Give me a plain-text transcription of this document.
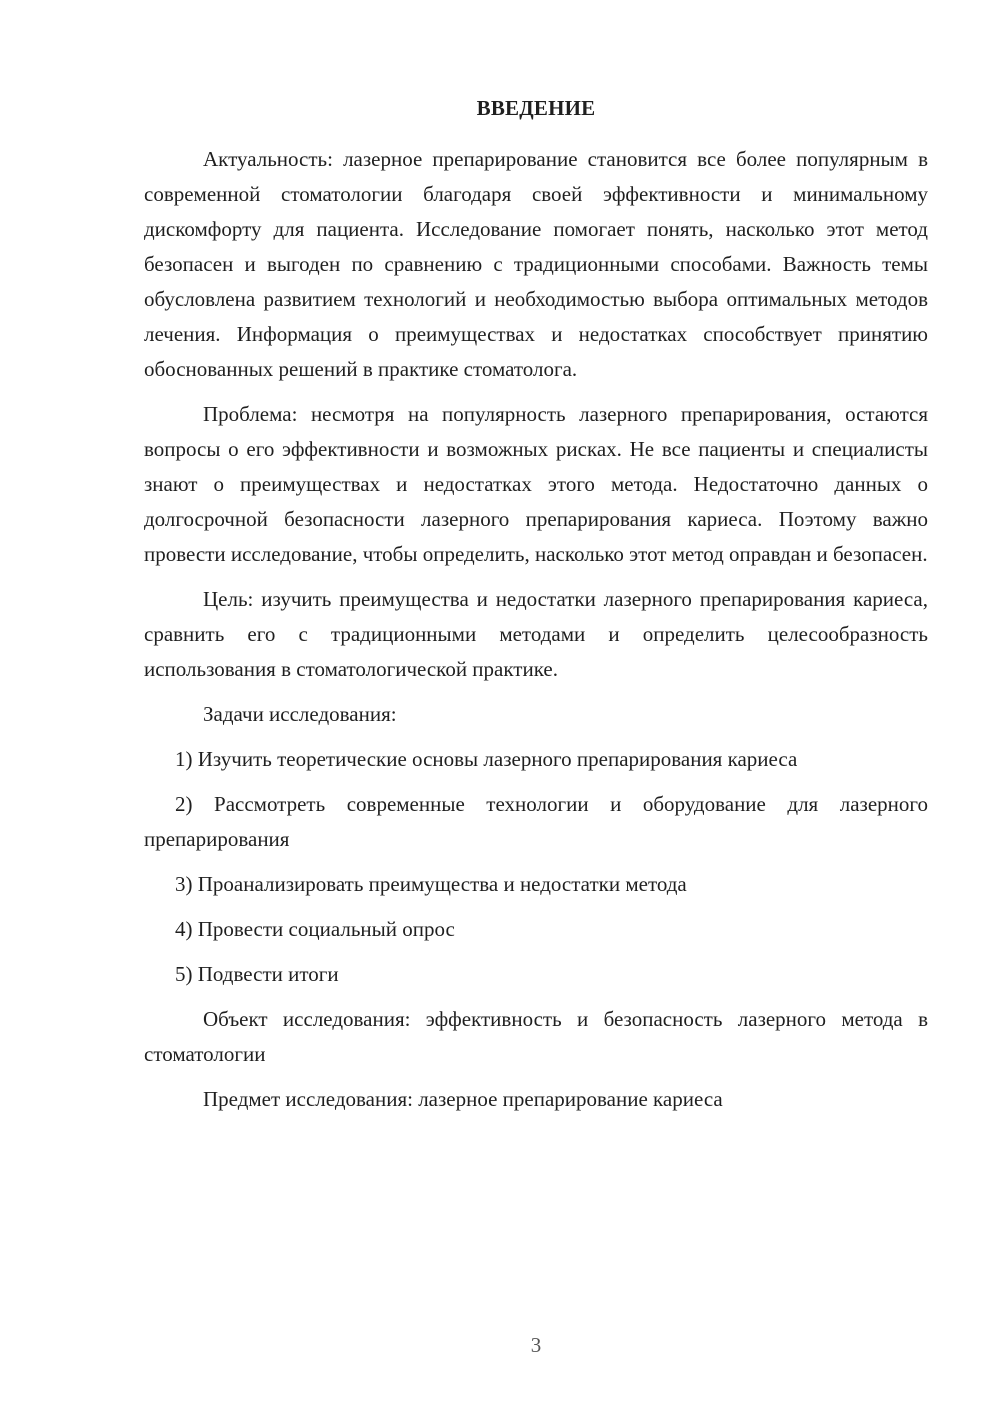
ВВЕДЕНИЕ

Актуальность: лазерное препарирование становится все более популярным в современной стоматологии благодаря своей эффективности и минимальному дискомфорту для пациента. Исследование помогает понять, насколько этот метод безопасен и выгоден по сравнению с традиционными способами. Важность темы обусловлена развитием технологий и необходимостью выбора оптимальных методов лечения. Информация о преимуществах и недостатках способствует принятию обоснованных решений в практике стоматолога.

Проблема: несмотря на популярность лазерного препарирования, остаются вопросы о его эффективности и возможных рисках. Не все пациенты и специалисты знают о преимуществах и недостатках этого метода. Недостаточно данных о долгосрочной безопасности лазерного препарирования кариеса. Поэтому важно провести исследование, чтобы определить, насколько этот метод оправдан и безопасен.

Цель: изучить преимущества и недостатки лазерного препарирования кариеса, сравнить его с традиционными методами и определить целесообразность использования в стоматологической практике.

Задачи исследования:

1) Изучить теоретические основы лазерного препарирования кариеса

2) Рассмотреть современные технологии и оборудование для лазерного препарирования

3) Проанализировать преимущества и недостатки метода

4) Провести социальный опрос

5) Подвести итоги

Объект исследования: эффективность и безопасность лазерного метода в стоматологии

Предмет исследования: лазерное препарирование кариеса

3
